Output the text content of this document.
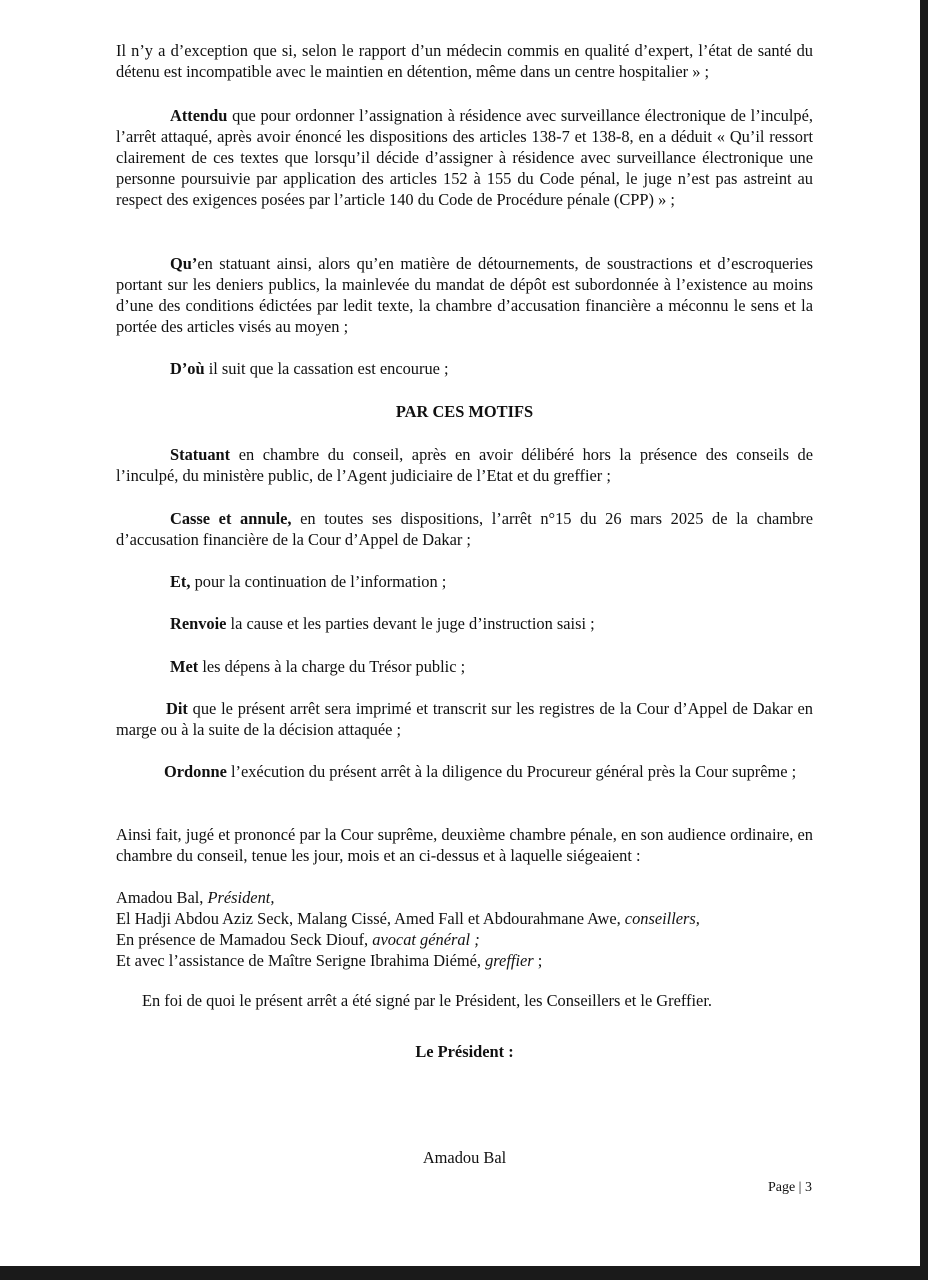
Il n’y a d’exception que si, selon le rapport d’un médecin commis en qualité d’expert, l’état de santé du détenu est incompatible avec le maintien en détention, même dans un centre hospitalier » ;
Attendu que pour ordonner l’assignation à résidence avec surveillance électronique de l’inculpé, l’arrêt attaqué, après avoir énoncé les dispositions des articles 138-7 et 138-8, en a déduit « Qu’il ressort clairement de ces textes que lorsqu’il décide d’assigner à résidence avec surveillance électronique une personne poursuivie par application des articles 152 à 155 du Code pénal, le juge n’est pas astreint au respect des exigences posées par l’article 140 du Code de Procédure pénale (CPP) » ;
Qu’en statuant ainsi, alors qu’en matière de détournements, de soustractions et d’escroqueries portant sur les deniers publics, la mainlevée du mandat de dépôt est subordonnée à l’existence au moins d’une des conditions édictées par ledit texte, la chambre d’accusation financière a méconnu le sens et la portée des articles visés au moyen ;
D’où il suit que la cassation est encourue ;
PAR CES MOTIFS
Statuant en chambre du conseil, après en avoir délibéré hors la présence des conseils de l’inculpé, du ministère public, de l’Agent judiciaire de l’Etat et du greffier ;
Casse et annule, en toutes ses dispositions, l’arrêt n°15 du 26 mars 2025 de la chambre d’accusation financière de la Cour d’Appel de Dakar ;
Et, pour la continuation de l’information ;
Renvoie la cause et les parties devant le juge d’instruction saisi ;
Met les dépens à la charge du Trésor public ;
Dit que le présent arrêt sera imprimé et transcrit sur les registres de la Cour d’Appel de Dakar en marge ou à la suite de la décision attaquée ;
Ordonne l’exécution du présent arrêt à la diligence du Procureur général près la Cour suprême ;
Ainsi fait, jugé et prononcé par la Cour suprême, deuxième chambre pénale, en son audience ordinaire, en chambre du conseil, tenue les jour, mois et an ci-dessus et à laquelle siégeaient :
Amadou Bal, Président,
El Hadji Abdou Aziz Seck, Malang Cissé, Amed Fall et Abdourahmane Awe, conseillers,
En présence de Mamadou Seck Diouf, avocat général ;
Et avec l’assistance de Maître Serigne Ibrahima Diémé, greffier ;
En foi de quoi le présent arrêt a été signé par le Président, les Conseillers et le Greffier.
Le Président :
Amadou Bal
Page | 3
